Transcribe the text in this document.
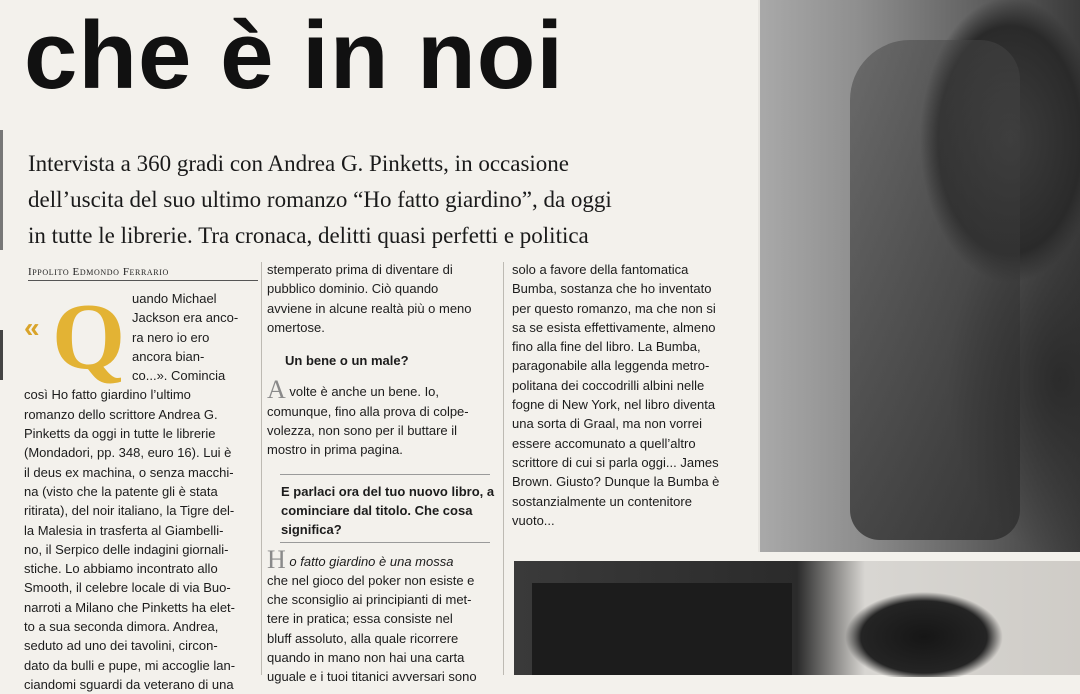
che è in noi
Intervista a 360 gradi con Andrea G. Pinketts, in occasione
dell’uscita del suo ultimo romanzo “Ho fatto giardino”, da oggi
in tutte le librerie. Tra cronaca, delitti quasi perfetti e politica
Ippolito Edmondo Ferrario
« Q uando Michael
Jackson era anco-
ra nero io ero
ancora bian-
co...». Comincia
così Ho fatto giardino l’ultimo
romanzo dello scrittore Andrea G.
Pinketts da oggi in tutte le librerie
(Mondadori, pp. 348, euro 16). Lui è
il deus ex machina, o senza macchi-
na (visto che la patente gli è stata
ritirata), del noir italiano, la Tigre del-
la Malesia in trasferta al Giambelli-
no, il Serpico delle indagini giornali-
stiche. Lo abbiamo incontrato allo
Smooth, il celebre locale di via Buo-
narroti a Milano che Pinketts ha elet-
to a sua seconda dimora. Andrea,
seduto ad uno dei tavolini, circon-
dato da bulli e pupe, mi accoglie lan-
ciandomi sguardi da veterano di una

stemperato prima di diventare di
pubblico dominio. Ciò quando
avviene in alcune realtà più o meno
omertose.

Un bene o un male?

A volte è anche un bene. Io,
comunque, fino alla prova di colpe-
volezza, non sono per il buttare il
mostro in prima pagina.

E parlaci ora del tuo nuovo libro, a
cominciare dal titolo. Che cosa
significa?

H o fatto giardino è una mossa
che nel gioco del poker non esiste e
che sconsiglio ai principianti di met-
tere in pratica; essa consiste nel
bluff assoluto, alla quale ricorrere
quando in mano non hai una carta
uguale e i tuoi titanici avversari sono

solo a favore della fantomatica
Bumba, sostanza che ho inventato
per questo romanzo, ma che non si
sa se esista effettivamente, almeno
fino alla fine del libro. La Bumba,
paragonabile alla leggenda metro-
politana dei coccodrilli albini nelle
fogne di New York, nel libro diventa
una sorta di Graal, ma non vorrei
essere accomunato a quell’altro
scrittore di cui si parla oggi... James
Brown. Giusto? Dunque la Bumba è
sostanzialmente un contenitore
vuoto...
